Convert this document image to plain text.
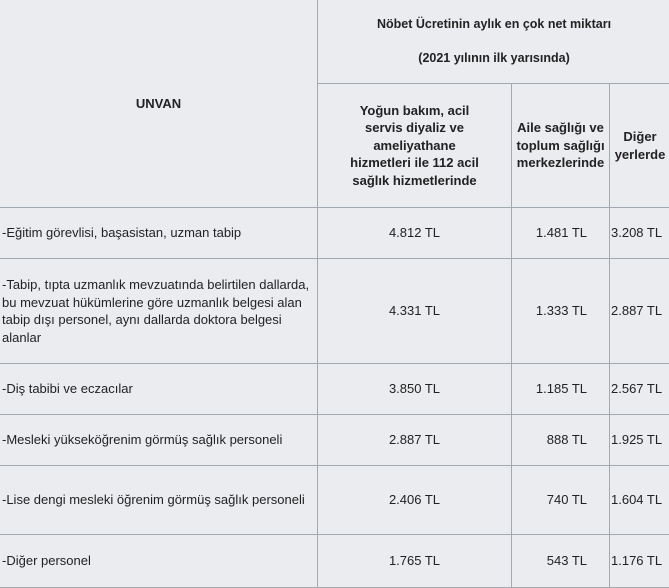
UNVAN	Nöbet Ücretinin aylık en çok net miktarı
(2021 yılının ilk yarısında)		

	Yoğun bakım, acil servis diyaliz ve ameliyathane hizmetleri ile 112 acil sağlık hizmetlerinde	Aile sağlığı ve toplum sağlığı merkezlerinde	Diğer yerlerde
-Eğitim görevlisi, başasistan, uzman tabip	4.812 TL	1.481 TL	3.208 TL
-Tabip, tıpta uzmanlık mevzuatında belirtilen dallarda, bu mevzuat hükümlerine göre uzmanlık belgesi alan tabip dışı personel, aynı dallarda doktora belgesi alanlar	4.331 TL	1.333 TL	2.887 TL
-Diş tabibi ve eczacılar	3.850 TL	1.185 TL	2.567 TL
-Mesleki yükseköğrenim görmüş sağlık personeli	2.887 TL	888 TL	1.925 TL
-Lise dengi mesleki öğrenim görmüş sağlık personeli	2.406 TL	740 TL	1.604 TL
-Diğer personel	1.765 TL	543 TL	1.176 TL
